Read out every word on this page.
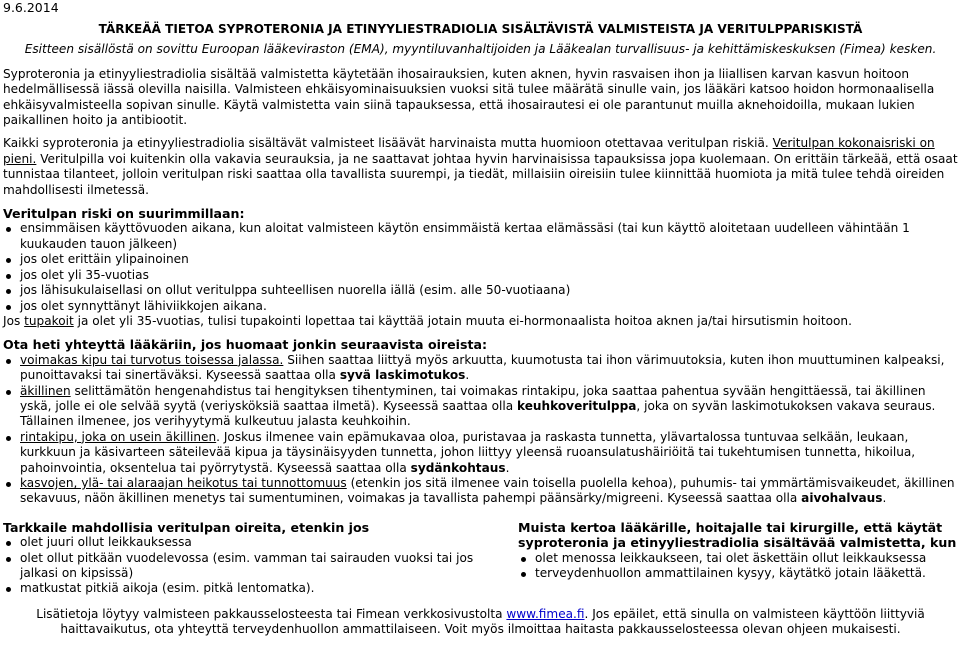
9.6.2014

TÄRKEÄÄ TIETOA SYPROTERONIA JA ETINYYLIESTRADIOLIA SISÄLTÄVISTÄ VALMISTEISTA JA VERITULPPARISKISTÄ

Esitteen sisällöstä on sovittu Euroopan lääkeviraston (EMA), myyntiluvanhaltijoiden ja Lääkealan turvallisuus- ja kehittämiskeskuksen (Fimea) kesken.

Syproteronia ja etinyyliestradiolia sisältää valmistetta käytetään ihosairauksien, kuten aknen, hyvin rasvaisen ihon ja liiallisen karvan kasvun hoitoon hedelmällisessä iässä olevilla naisilla. Valmisteen ehkäisyominaisuuksien vuoksi sitä tulee määrätä sinulle vain, jos lääkäri katsoo hoidon hormonaalisella ehkäisyvalmisteella sopivan sinulle. Käytä valmistetta vain siinä tapauksessa, että ihosairautesi ei ole parantunut muilla aknehoidoilla, mukaan lukien paikallinen hoito ja antibiootit.

Kaikki syproteronia ja etinyyliestradiolia sisältävät valmisteet lisäävät harvinaista mutta huomioon otettavaa veritulpan riskiä. Veritulpan kokonaisriski on pieni. Veritulpilla voi kuitenkin olla vakavia seurauksia, ja ne saattavat johtaa hyvin harvinaisissa tapauksissa jopa kuolemaan. On erittäin tärkeää, että osaat tunnistaa tilanteet, jolloin veritulpan riski saattaa olla tavallista suurempi, ja tiedät, millaisiin oireisiin tulee kiinnittää huomiota ja mitä tulee tehdä oireiden mahdollisesti ilmetessä.

Veritulpan riski on suurimmillaan:
ensimmäisen käyttövuoden aikana, kun aloitat valmisteen käytön ensimmäistä kertaa elämässäsi (tai kun käyttö aloitetaan uudelleen vähintään 1 kuukauden tauon jälkeen)
jos olet erittäin ylipainoinen
jos olet yli 35-vuotias
jos lähisukulaisellasi on ollut veritulppa suhteellisen nuorella iällä (esim. alle 50-vuotiaana)
jos olet synnyttänyt lähiviikkojen aikana.

Jos tupakoit ja olet yli 35-vuotias, tulisi tupakointi lopettaa tai käyttää jotain muuta ei-hormonaalista hoitoa aknen ja/tai hirsutismin hoitoon.

Ota heti yhteyttä lääkäriin, jos huomaat jonkin seuraavista oireista:
voimakas kipu tai turvotus toisessa jalassa. Siihen saattaa liittyä myös arkuutta, kuumotusta tai ihon värimuutoksia, kuten ihon muuttuminen kalpeaksi, punoittavaksi tai sinertäväksi. Kyseessä saattaa olla syvä laskimotukos.
äkillinen selittämätön hengenahdistus tai hengityksen tihentyminen, tai voimakas rintakipu, joka saattaa pahentua syvään hengittäessä, tai äkillinen yskä, jolle ei ole selvää syytä (veriysköksiä saattaa ilmetä). Kyseessä saattaa olla keuhkoveritulppa, joka on syvän laskimotukoksen vakava seuraus. Tällainen ilmenee, jos verihyytymä kulkeutuu jalasta keuhkoihin.
rintakipu, joka on usein äkillinen. Joskus ilmenee vain epämukavaa oloa, puristavaa ja raskasta tunnetta, ylävartalossa tuntuvaa selkään, leukaan, kurkkuun ja käsivarteen säteilevää kipua ja täysinäisyyden tunnetta, johon liittyy yleensä ruoansulatushäiriöitä tai tukehtumisen tunnetta, hikoilua, pahoinvointia, oksentelua tai pyörrytystä. Kyseessä saattaa olla sydänkohtaus.
kasvojen, ylä- tai alaraajan heikotus tai tunnottomuus (etenkin jos sitä ilmenee vain toisella puolella kehoa), puhumis- tai ymmärtämisvaikeudet, äkillinen sekavuus, näön äkillinen menetys tai sumentuminen, voimakas ja tavallista pahempi päänsärky/migreeni. Kyseessä saattaa olla aivohalvaus.
Tarkkaile mahdollisia veritulpan oireita, etenkin jos
olet juuri ollut leikkauksessa
olet ollut pitkään vuodelevossa (esim. vamman tai sairauden vuoksi tai jos jalkasi on kipsissä)
matkustat pitkiä aikoja (esim. pitkä lentomatka).
Muista kertoa lääkärille, hoitajalle tai kirurgille, että käytät syproteronia ja etinyyliestradiolia sisältävää valmistetta, kun
olet menossa leikkaukseen, tai olet äskettäin ollut leikkauksessa
terveydenhuollon ammattilainen kysyy, käytätkö jotain lääkettä.

Lisätietoja löytyy valmisteen pakkausselosteesta tai Fimean verkkosivustolta www.fimea.fi. Jos epäilet, että sinulla on valmisteen käyttöön liittyviä haittavaikutus, ota yhteyttä terveydenhuollon ammattilaiseen. Voit myös ilmoittaa haitasta pakkausselosteessa olevan ohjeen mukaisesti.
